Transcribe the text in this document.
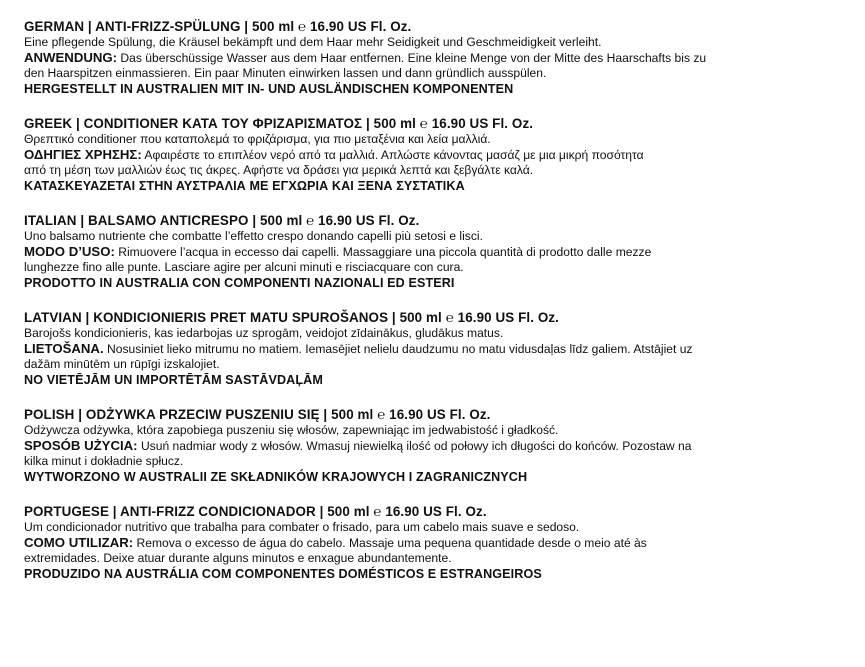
GERMAN | ANTI-FRIZZ-SPÜLUNG | 500 ml ℮ 16.90 US Fl. Oz.

Eine pflegende Spülung, die Kräusel bekämpft und dem Haar mehr Seidigkeit und Geschmeidigkeit verleiht.

ANWENDUNG: Das überschüssige Wasser aus dem Haar entfernen. Eine kleine Menge von der Mitte des Haarschafts bis zu

den Haarspitzen einmassieren. Ein paar Minuten einwirken lassen und dann gründlich ausspülen.

HERGESTELLT IN AUSTRALIEN MIT IN- UND AUSLÄNDISCHEN KOMPONENTEN

GREEK | CONDITIONER ΚΑΤΑ ΤΟΥ ΦΡΙΖΑΡΙΣΜΑΤΟΣ | 500 ml ℮ 16.90 US Fl. Oz.

Θρεπτικό conditioner που καταπολεμά το φριζάρισμα, για πιο μεταξένια και λεία μαλλιά.

ΟΔΗΓΙΕΣ ΧΡΗΣΗΣ: Αφαιρέστε το επιπλέον νερό από τα μαλλιά. Απλώστε κάνοντας μασάζ με μια μικρή ποσότητα

από τη μέση των μαλλιών έως τις άκρες. Αφήστε να δράσει για μερικά λεπτά και ξεβγάλτε καλά.

ΚΑΤΑΣΚΕΥΑΖΕΤΑΙ ΣΤΗΝ ΑΥΣΤΡΑΛΙΑ ΜΕ ΕΓΧΩΡΙΑ ΚΑΙ ΞΕΝΑ ΣΥΣΤΑΤΙΚΑ

ITALIAN | BALSAMO ANTICRESPO | 500 ml ℮ 16.90 US Fl. Oz.

Uno balsamo nutriente che combatte l’effetto crespo donando capelli più setosi e lisci.

MODO D’USO: Rimuovere l’acqua in eccesso dai capelli. Massaggiare una piccola quantità di prodotto dalle mezze

lunghezze fino alle punte. Lasciare agire per alcuni minuti e risciacquare con cura.

PRODOTTO IN AUSTRALIA CON COMPONENTI NAZIONALI ED ESTERI

LATVIAN | KONDICIONIERIS PRET MATU SPUROŠANOS | 500 ml ℮ 16.90 US Fl. Oz.

Barojošs kondicionieris, kas iedarbojas uz sprogām, veidojot zīdainākus, gludākus matus.

LIETOŠANA. Nosusiniet lieko mitrumu no matiem. Iemasējiet nelielu daudzumu no matu vidusdaļas līdz galiem. Atstājiet uz

dažām minūtēm un rūpīgi izskalojiet.

NO VIETĒJĀM UN IMPORTĒTĀM SASTĀVDAĻĀM

POLISH | ODŻYWKA PRZECIW PUSZENIU SIĘ | 500 ml ℮ 16.90 US Fl. Oz.

Odżywcza odżywka, która zapobiega puszeniu się włosów, zapewniając im jedwabistość i gładkość.

SPOSÓB UŻYCIA: Usuń nadmiar wody z włosów. Wmasuj niewielką ilość od połowy ich długości do końców. Pozostaw na

kilka minut i dokładnie spłucz.

WYTWORZONO W AUSTRALII ZE SKŁADNIKÓW KRAJOWYCH I ZAGRANICZNYCH

PORTUGESE | ANTI-FRIZZ CONDICIONADOR | 500 ml ℮ 16.90 US Fl. Oz.

Um condicionador nutritivo que trabalha para combater o frisado, para um cabelo mais suave e sedoso.

COMO UTILIZAR: Remova o excesso de água do cabelo. Massaje uma pequena quantidade desde o meio até às

extremidades. Deixe atuar durante alguns minutos e enxague abundantemente.

PRODUZIDO NA AUSTRÁLIA COM COMPONENTES DOMÉSTICOS E ESTRANGEIROS
